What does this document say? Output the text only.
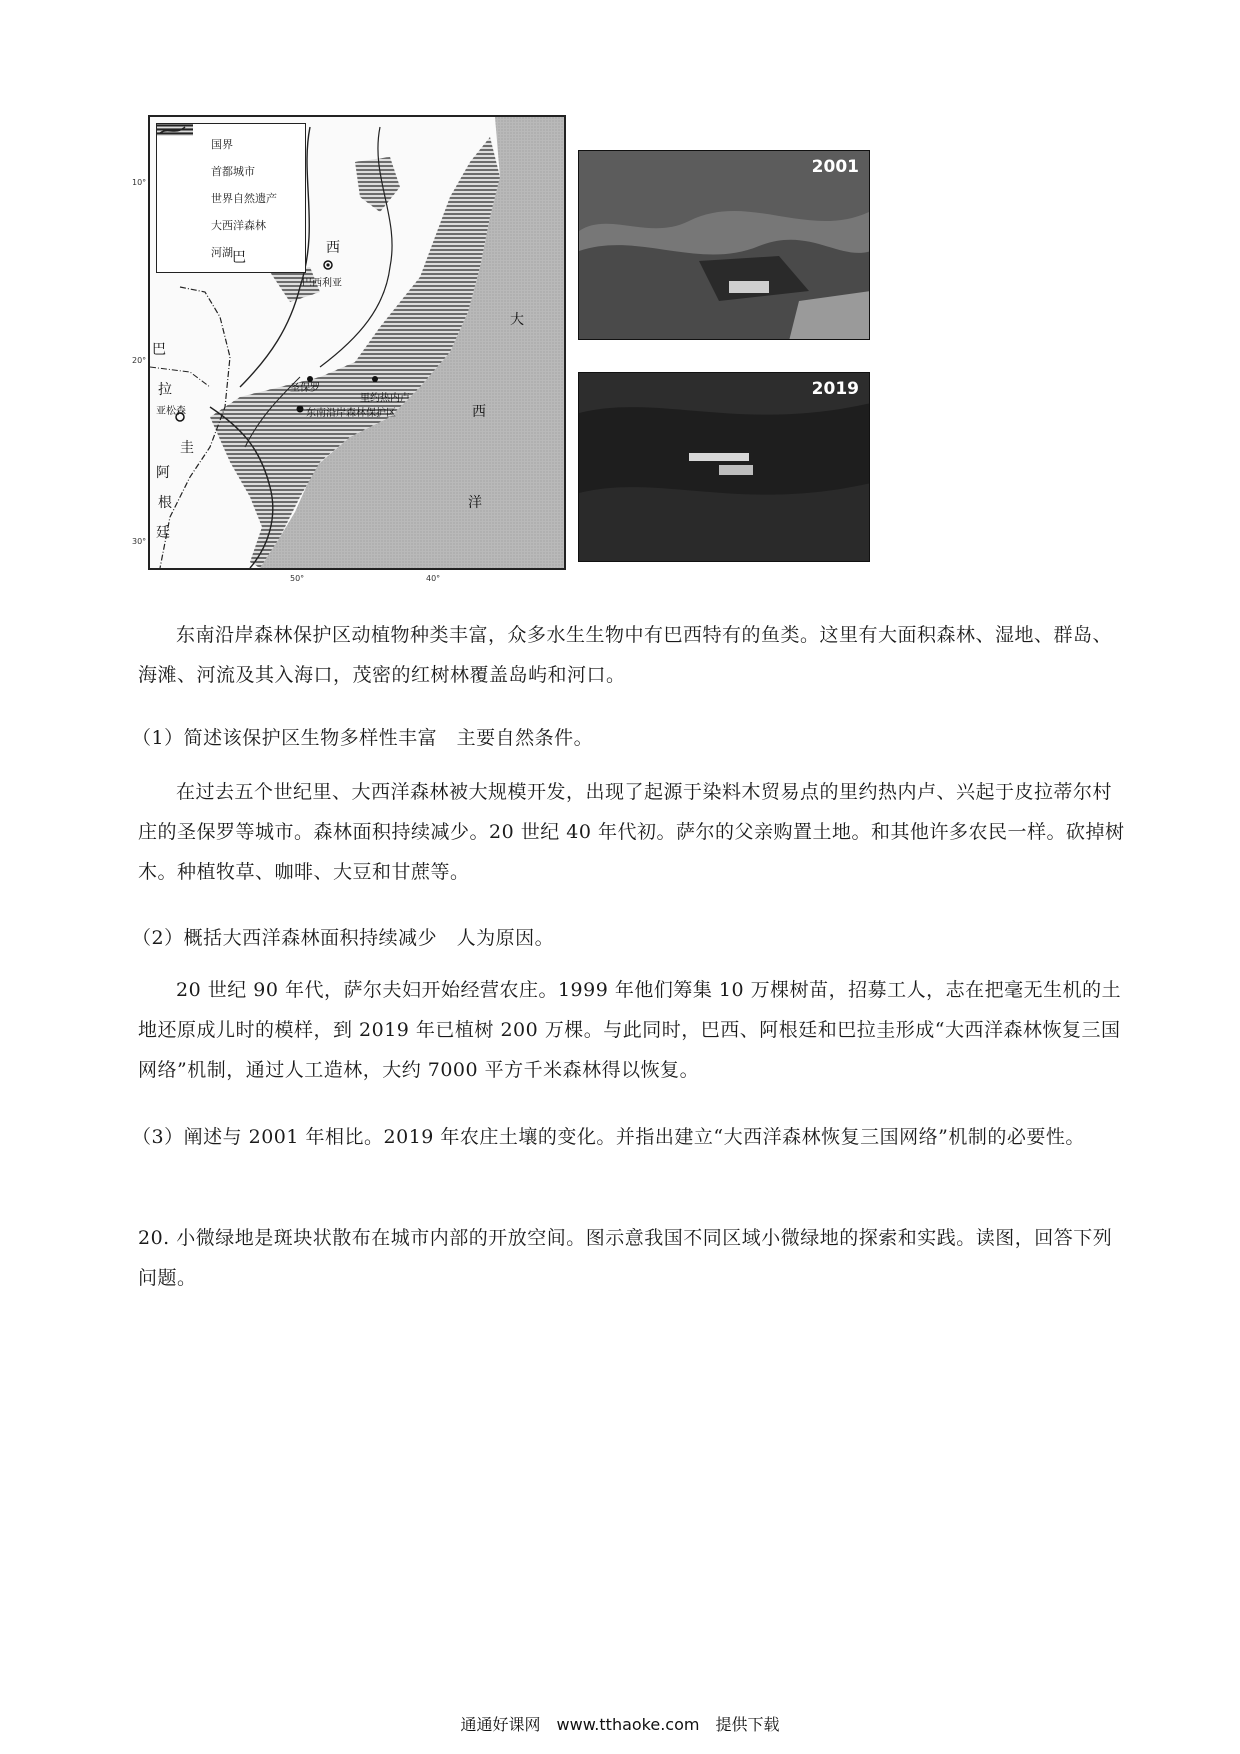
国界
首都城市
世界自然遗产
大西洋森林
河湖 巴
西
巴西利亚
大
西
洋
巴
拉
亚松森
圭
阿
根
廷
圣保罗
里约热内卢
东南沿岸森林保护区
10°
20°
30°
50°	40°
2001
2019
东南沿岸森林保护区动植物种类丰富，众多水生生物中有巴西特有的鱼类。这里有大面积森林、湿地、群岛、海滩、河流及其入海口，茂密的红树林覆盖岛屿和河口。
（1）简述该保护区生物多样性丰富　主要自然条件。
在过去五个世纪里、大西洋森林被大规模开发，出现了起源于染料木贸易点的里约热内卢、兴起于皮拉蒂尔村庄的圣保罗等城市。森林面积持续减少。20 世纪 40 年代初。萨尔的父亲购置土地。和其他许多农民一样。砍掉树木。种植牧草、咖啡、大豆和甘蔗等。
（2）概括大西洋森林面积持续减少　人为原因。
20 世纪 90 年代，萨尔夫妇开始经营农庄。1999 年他们筹集 10 万棵树苗，招募工人，志在把毫无生机的土地还原成儿时的模样，到 2019 年已植树 200 万棵。与此同时，巴西、阿根廷和巴拉圭形成“大西洋森林恢复三国网络”机制，通过人工造林，大约 7000 平方千米森林得以恢复。
（3）阐述与 2001 年相比。2019 年农庄土壤的变化。并指出建立“大西洋森林恢复三国网络”机制的必要性。
20. 小微绿地是斑块状散布在城市内部的开放空间。图示意我国不同区域小微绿地的探索和实践。读图，回答下列问题。
通通好课网　www.tthaoke.com　提供下载
